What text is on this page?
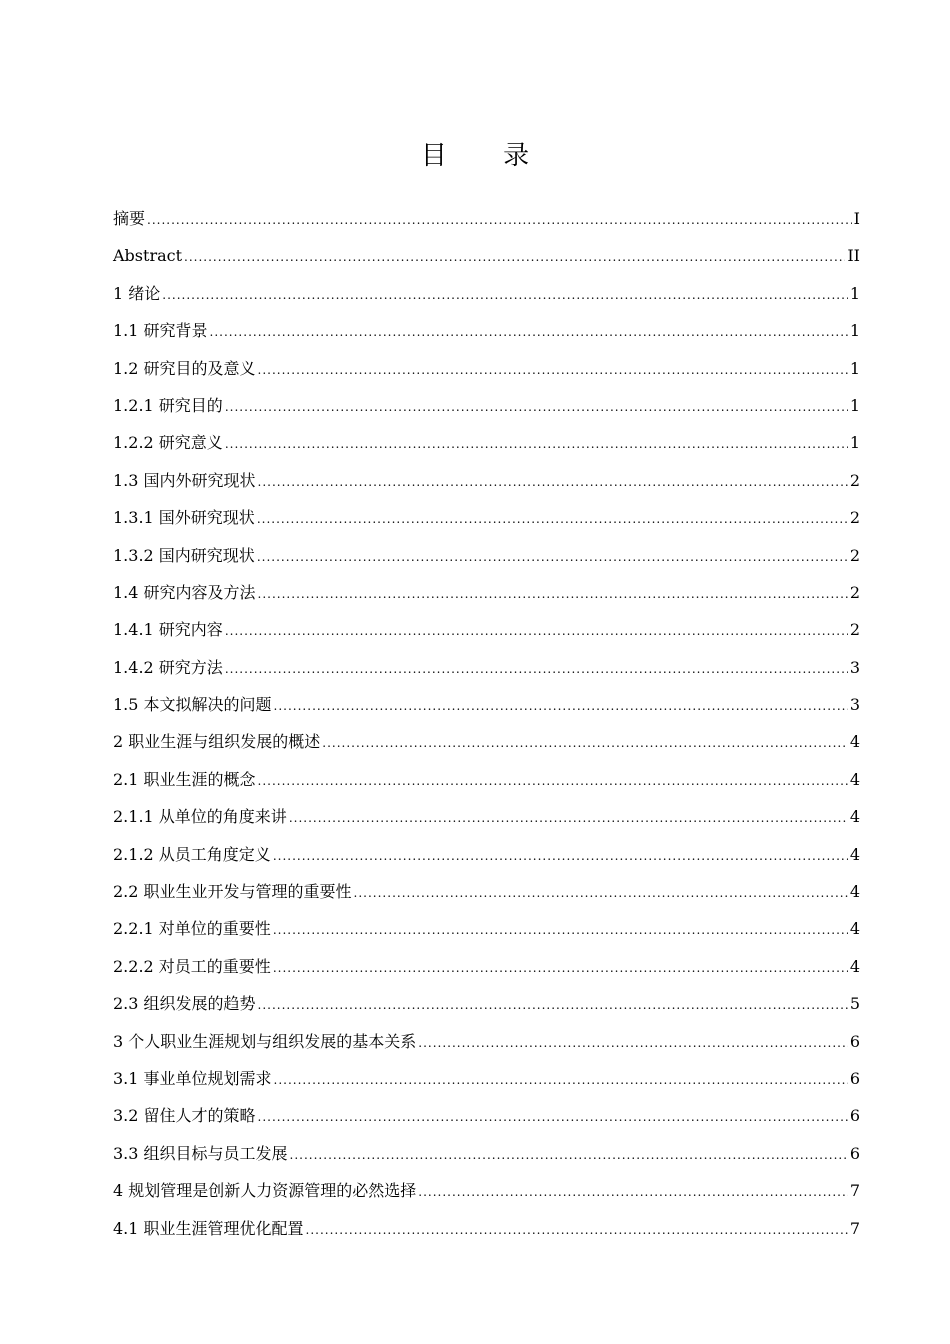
目 录
摘要 .....	I
Abstract .....	II
1 绪论 .....	1
1.1 研究背景 .....	1
1.2 研究目的及意义 .....	1
1.2.1 研究目的 .....	1
1.2.2 研究意义 .....	1
1.3 国内外研究现状 .....	2
1.3.1 国外研究现状 .....	2
1.3.2 国内研究现状 .....	2
1.4 研究内容及方法 .....	2
1.4.1 研究内容 .....	2
1.4.2 研究方法 .....	3
1.5 本文拟解决的问题 .....	3
2 职业生涯与组织发展的概述 .....	4
2.1 职业生涯的概念 .....	4
2.1.1 从单位的角度来讲 .....	4
2.1.2 从员工角度定义 .....	4
2.2 职业生业开发与管理的重要性 .....	4
2.2.1 对单位的重要性 .....	4
2.2.2 对员工的重要性 .....	4
2.3 组织发展的趋势 .....	5
3 个人职业生涯规划与组织发展的基本关系 .....	6
3.1 事业单位规划需求 .....	6
3.2 留住人才的策略 .....	6
3.3 组织目标与员工发展 .....	6
4 规划管理是创新人力资源管理的必然选择 .....	7
4.1 职业生涯管理优化配置 .....	7
